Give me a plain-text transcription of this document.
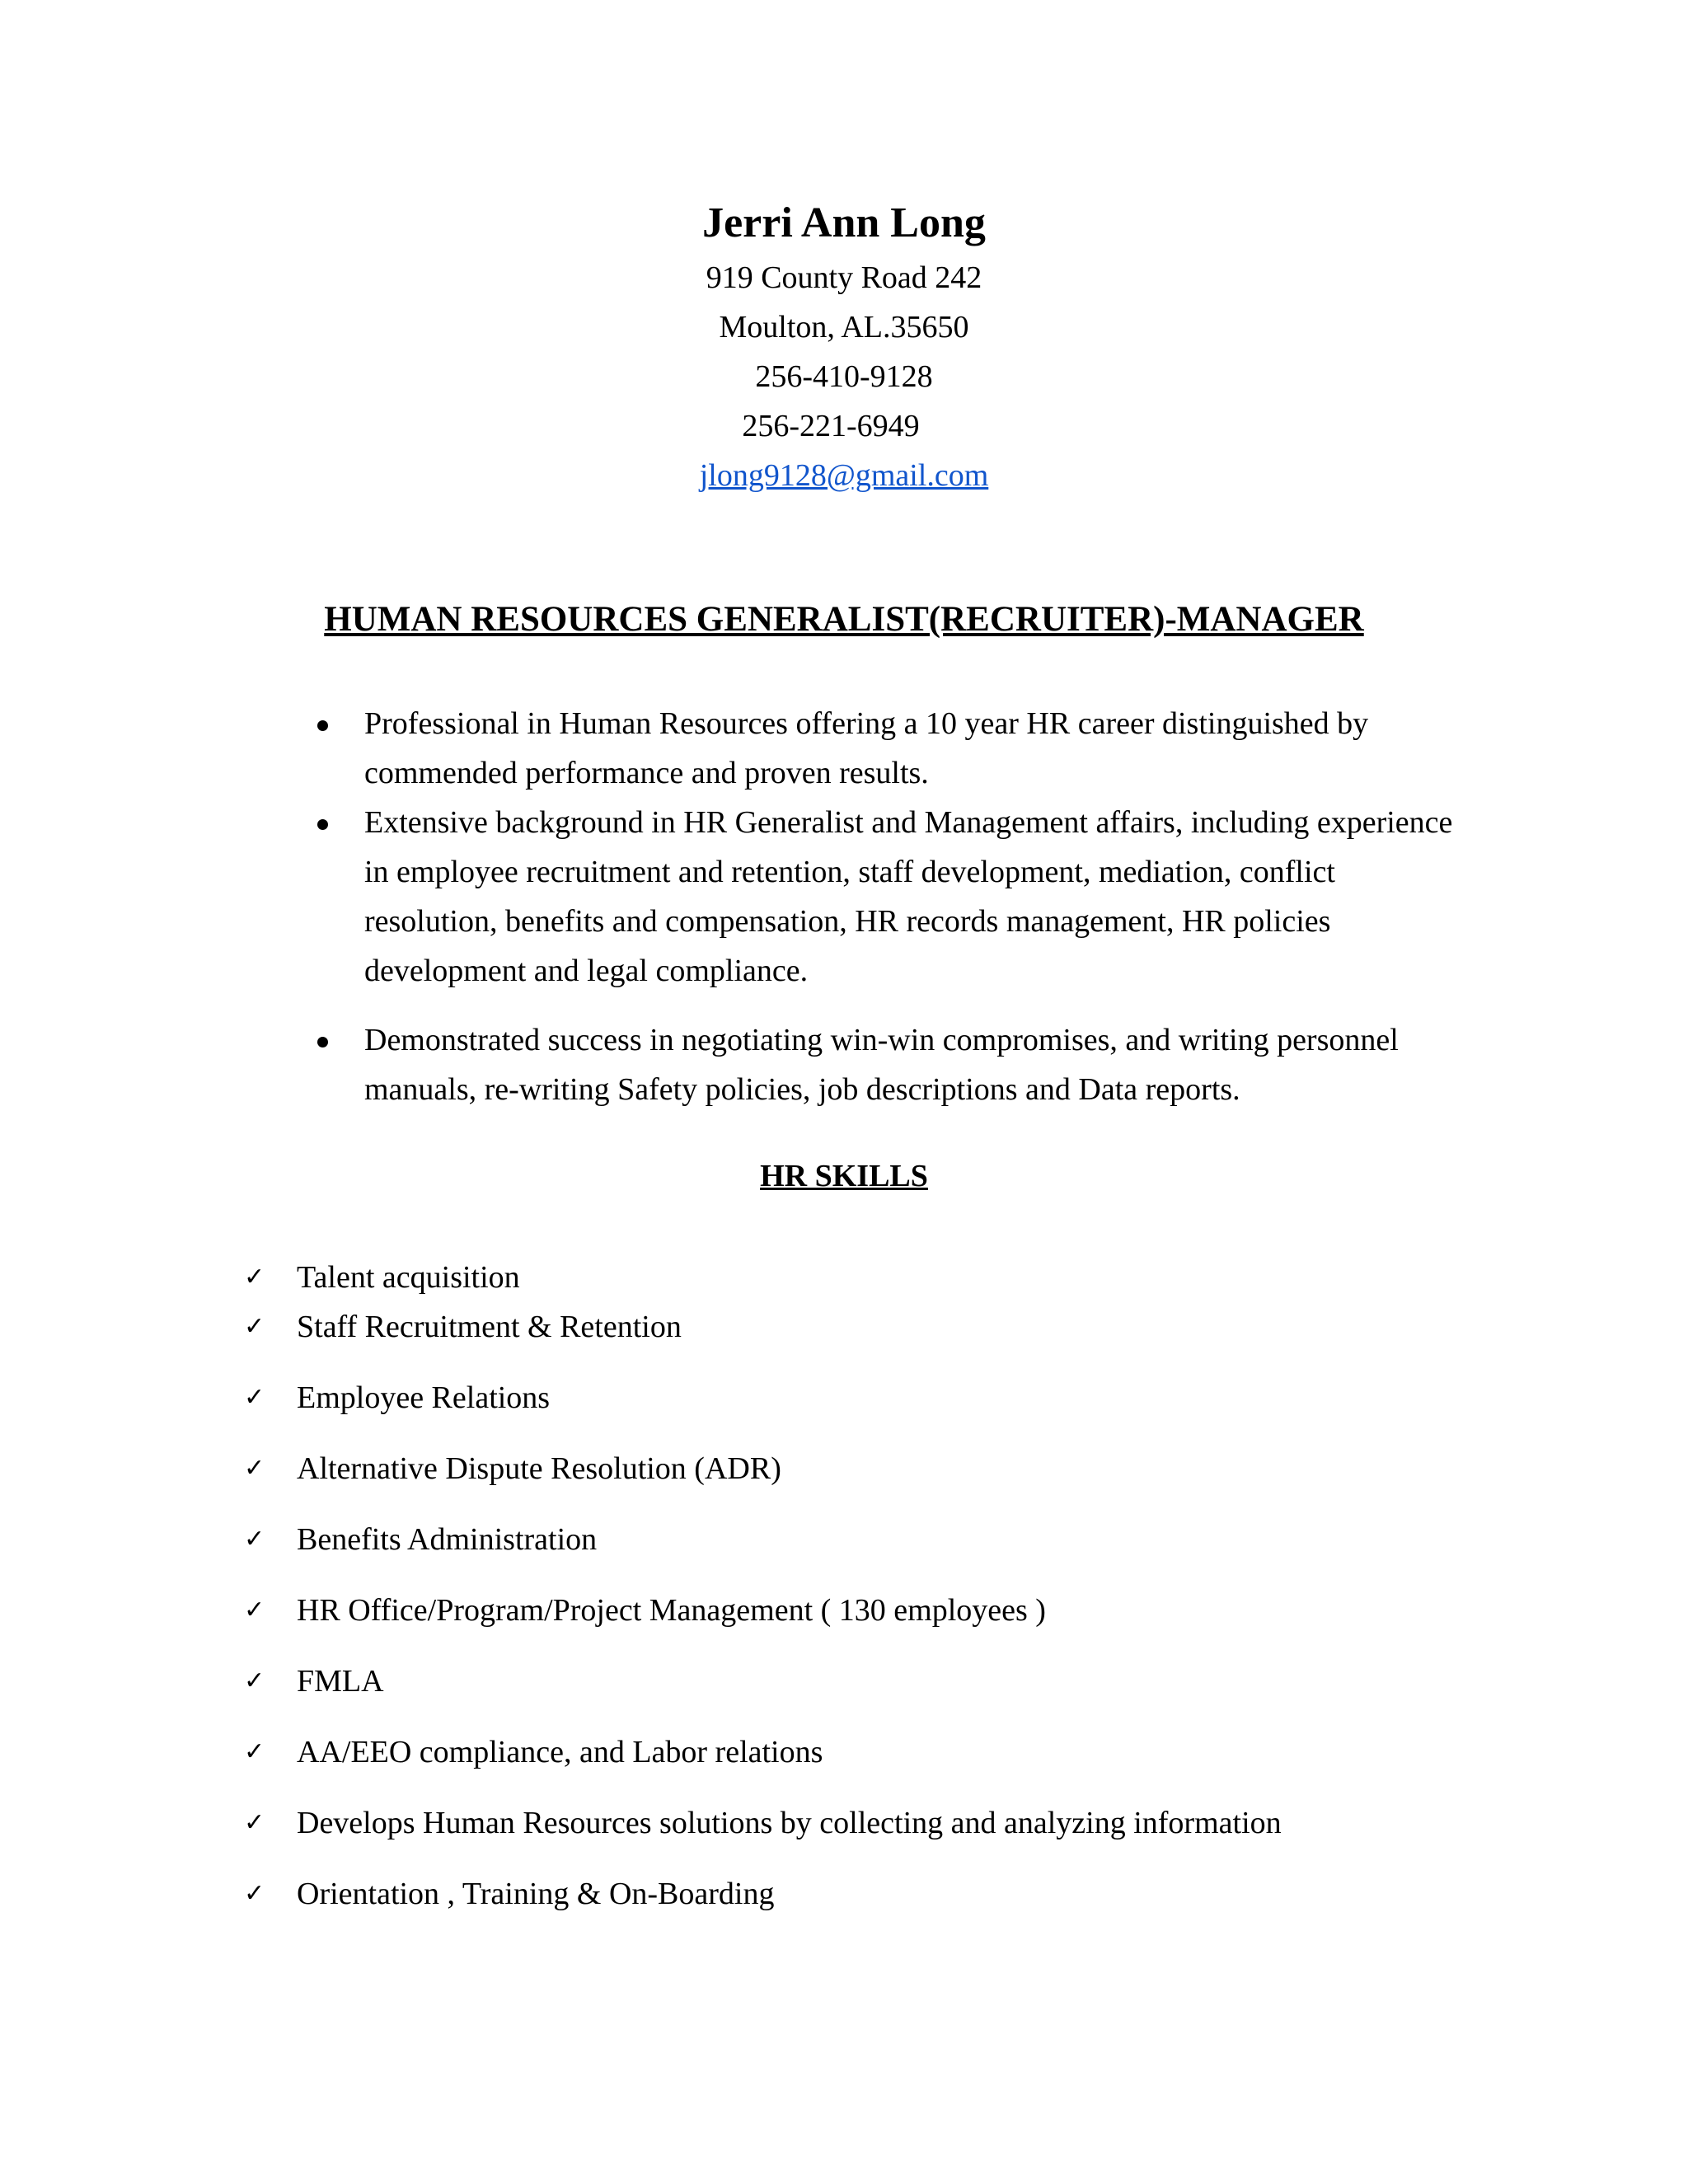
Jerri Ann Long
919 County Road 242
Moulton, AL.35650
256-410-9128
256-221-6949
jlong9128@gmail.com
HUMAN RESOURCES GENERALIST(RECRUITER)-MANAGER
Professional in Human Resources offering a 10 year HR career distinguished by commended performance and proven results.
Extensive background in HR Generalist and Management affairs, including experience in employee recruitment and retention, staff development, mediation, conflict resolution, benefits and compensation, HR records management, HR policies development and legal compliance.
Demonstrated success in negotiating win-win compromises, and writing personnel manuals, re-writing Safety policies, job descriptions and Data reports.
HR SKILLS
✓	Talent acquisition
✓	Staff Recruitment & Retention
✓	Employee Relations
✓	Alternative Dispute Resolution (ADR)
✓	Benefits Administration
✓	HR Office/Program/Project Management ( 130 employees )
✓	FMLA
✓	AA/EEO compliance, and Labor relations
✓	Develops Human Resources solutions by collecting and analyzing information
✓	Orientation , Training & On-Boarding
